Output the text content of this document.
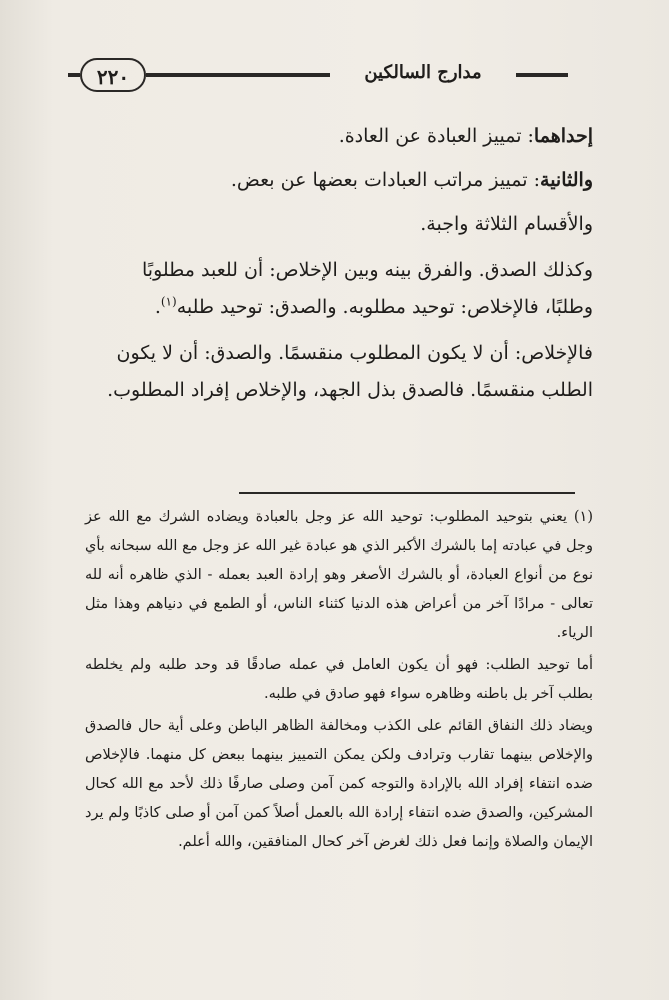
٢٢٠	مدارج السالكين

إحداهما: تمييز العبادة عن العادة.

والثانية: تمييز مراتب العبادات بعضها عن بعض.

والأقسام الثلاثة واجبة.

وكذلك الصدق. والفرق بينه وبين الإخلاص: أن للعبد مطلوبًا وطلبًا، فالإخلاص: توحيد مطلوبه. والصدق: توحيد طلبه$^{(١)}$.

فالإخلاص: أن لا يكون المطلوب منقسمًا. والصدق: أن لا يكون الطلب منقسمًا. فالصدق بذل الجهد، والإخلاص إفراد المطلوب.

(١) يعني بتوحيد المطلوب: توحيد الله عز وجل بالعبادة ويضاده الشرك مع الله عز وجل في عبادته إما بالشرك الأكبر الذي هو عبادة غير الله عز وجل مع الله سبحانه بأي نوع من أنواع العبادة، أو بالشرك الأصغر وهو إرادة العبد بعمله - الذي ظاهره أنه لله تعالى - مرادًا آخر من أعراض هذه الدنيا كثناء الناس، أو الطمع في دنياهم وهذا مثل الرياء.

أما توحيد الطلب: فهو أن يكون العامل في عمله صادقًا قد وحد طلبه ولم يخلطه بطلب آخر بل باطنه وظاهره سواء فهو صادق في طلبه.

ويضاد ذلك النفاق القائم على الكذب ومخالفة الظاهر الباطن وعلى أية حال فالصدق والإخلاص بينهما تقارب وترادف ولكن يمكن التمييز بينهما ببعض كل منهما. فالإخلاص ضده انتفاء إفراد الله بالإرادة والتوجه كمن آمن وصلى صارفًا ذلك لأحد مع الله كحال المشركين، والصدق ضده انتفاء إرادة الله بالعمل أصلاً كمن آمن أو صلى كاذبًا ولم يرد الإيمان والصلاة وإنما فعل ذلك لغرض آخر كحال المنافقين، والله أعلم.
